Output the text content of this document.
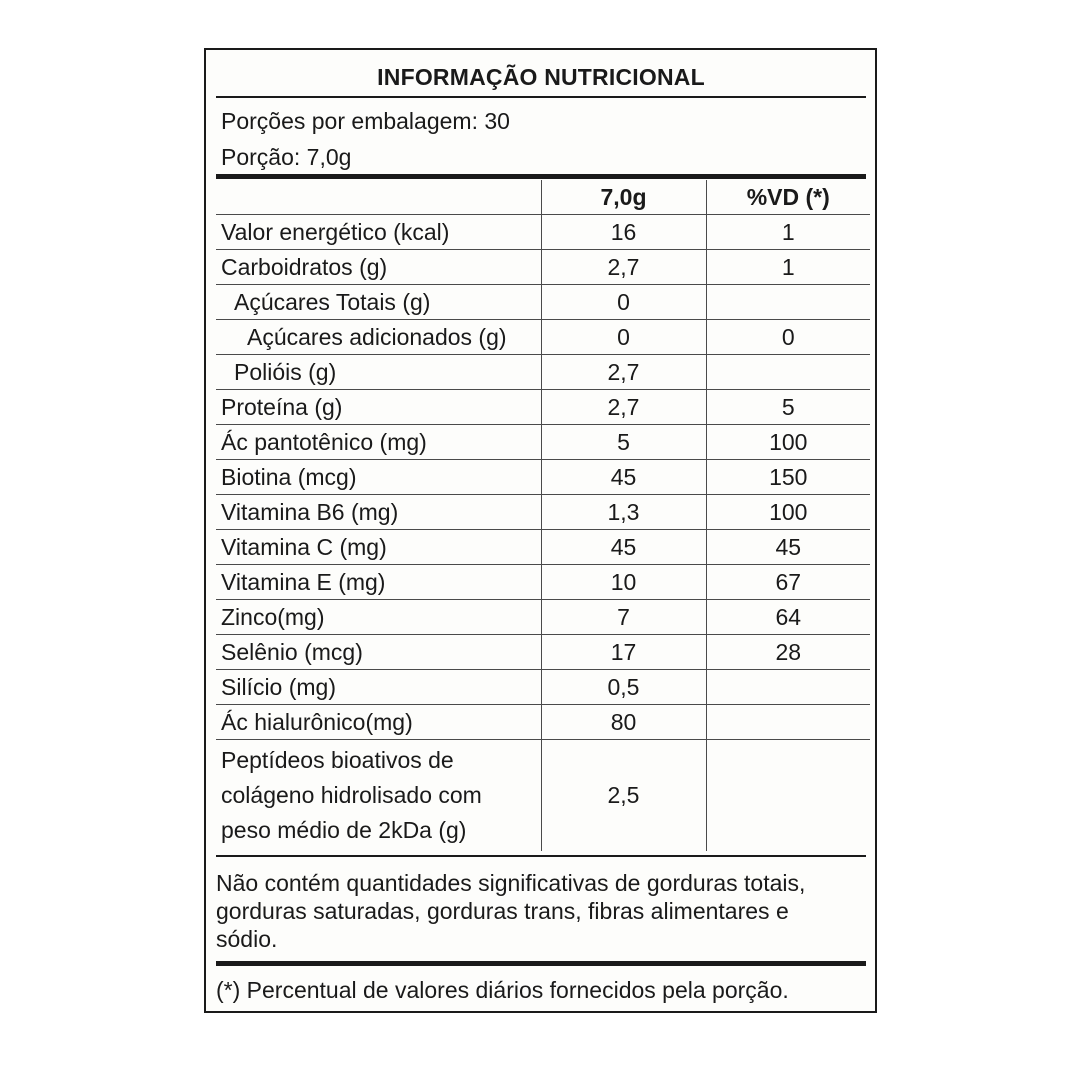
INFORMAÇÃO NUTRICIONAL
Porções por embalagem: 30
Porção: 7,0g
	7,0g	%VD (*)
Valor energético (kcal)	16	1
Carboidratos (g)	2,7	1
Açúcares Totais (g)	0	
Açúcares adicionados (g)	0	0
Polióis (g)	2,7	
Proteína (g)	2,7	5
Ác pantotênico (mg)	5	100
Biotina (mcg)	45	150
Vitamina B6 (mg)	1,3	100
Vitamina C (mg)	45	45
Vitamina E (mg)	10	67
Zinco(mg)	7	64
Selênio (mcg)	17	28
Silício (mg)	0,5	
Ác hialurônico(mg)	80	

Peptídeos bioativos de
colágeno hidrolisado com
peso médio de 2kDa (g)	2,5	
Não contém quantidades significativas de gorduras totais,
gorduras saturadas, gorduras trans, fibras alimentares e
sódio.
(*) Percentual de valores diários fornecidos pela porção.
